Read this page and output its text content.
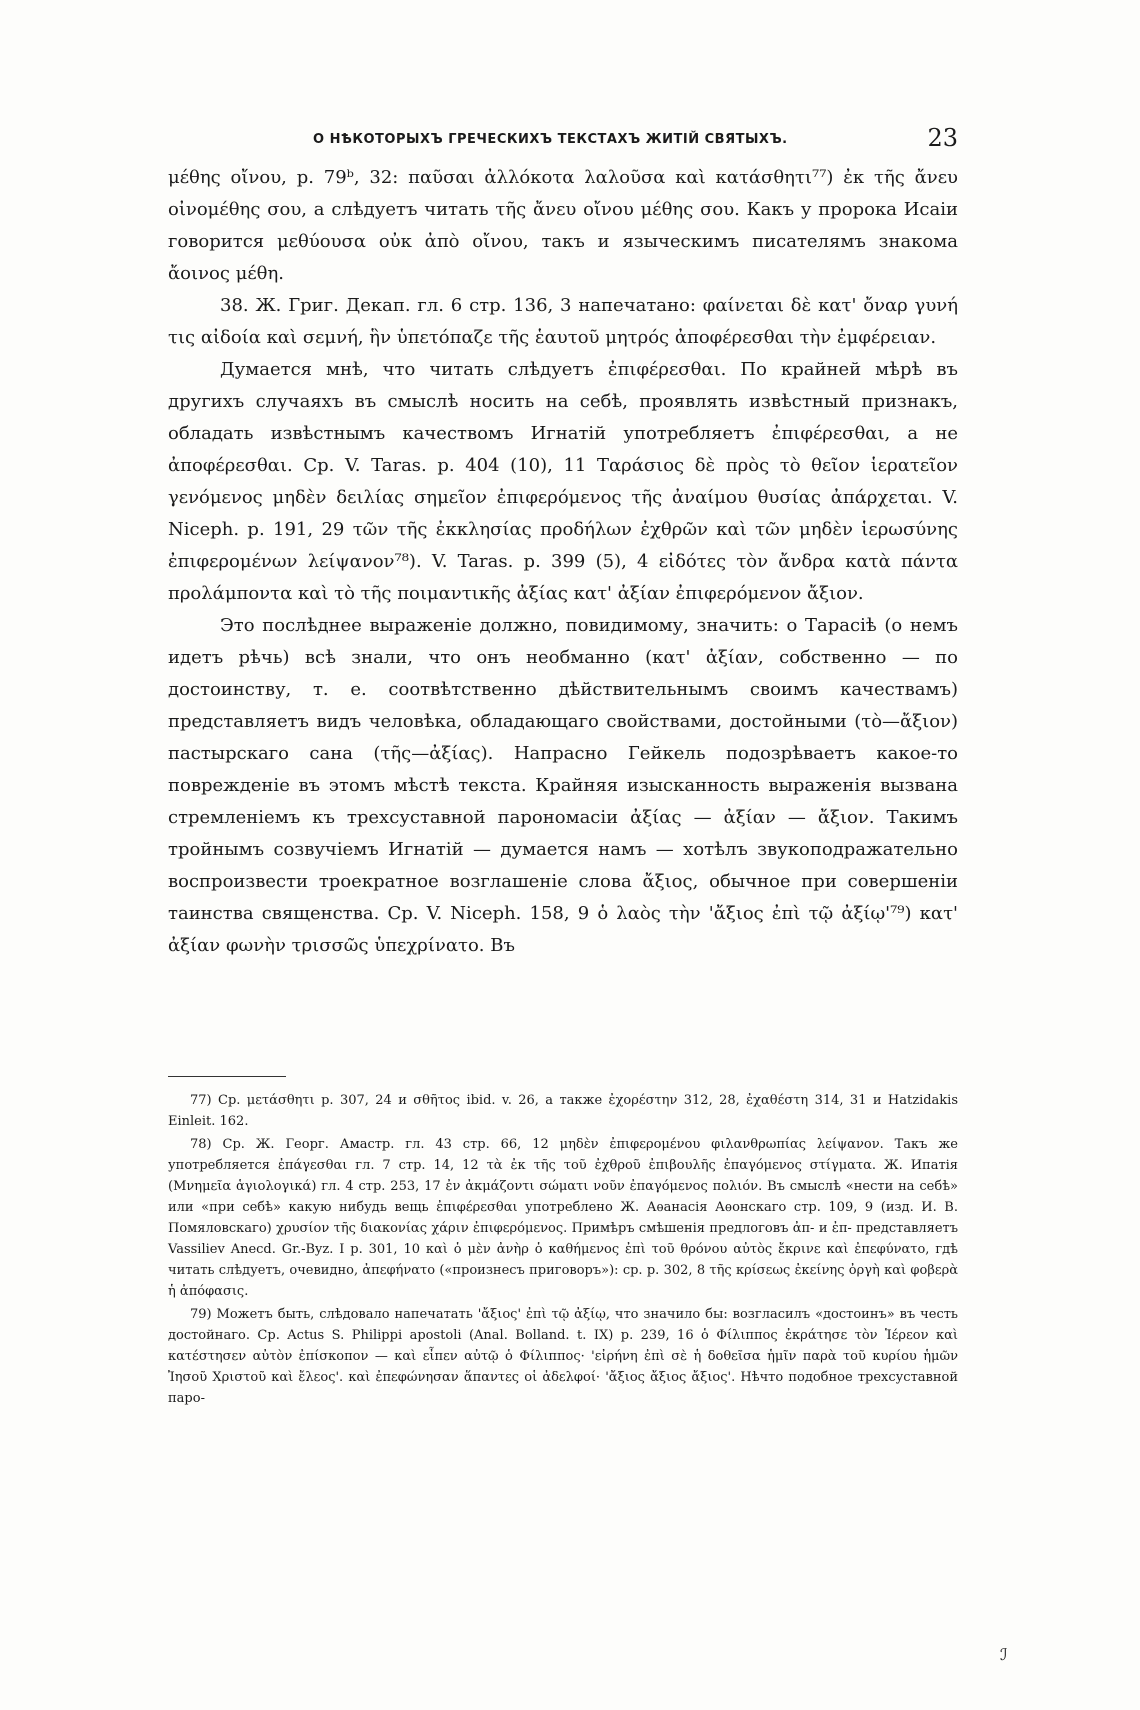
О НѢКОТОРЫХЪ ГРЕЧЕСКИХЪ ТЕКСТАХЪ ЖИТІЙ СВЯТЫХЪ.	23

μέθης οἴνου, p. 79ᵇ, 32: παῦσαι ἀλλόκοτα λαλοῦσα καὶ κατάσθητι⁷⁷) ἐκ τῆς ἄνευ οἰνομέθης σου, а слѣдуетъ читать τῆς ἄνευ οἴνου μέθης σου. Какъ у пророка Исаіи говорится μεθύουσα οὐκ ἀπὸ οἴνου, такъ и языческимъ писателямъ знакома ἄοινος μέθη.

38. Ж. Григ. Декап. гл. 6 стр. 136, 3 напечатано: φαίνεται δὲ κατ' ὄναρ γυνή τις αἰδοία καὶ σεμνή, ἣν ὑπετόπαζε τῆς ἑαυτοῦ μητρός ἀποφέρεσθαι τὴν ἐμφέρειαν.

Думается мнѣ, что читать слѣдуетъ ἐπιφέρεσθαι. По крайней мѣрѣ въ другихъ случаяхъ въ смыслѣ носить на себѣ, проявлять извѣстный признакъ, обладать извѣстнымъ качествомъ Игнатій употребляетъ ἐπιφέρεσθαι, а не ἀποφέρεσθαι. Ср. V. Taras. p. 404 (10), 11 Ταράσιος δὲ πρὸς τὸ θεῖον ἱερατεῖον γενόμενος μηδὲν δειλίας σημεῖον ἐπιφερόμενος τῆς ἀναίμου θυσίας ἀπάρχεται. V. Niceph. p. 191, 29 τῶν τῆς ἐκκλησίας προδήλων ἐχθρῶν καὶ τῶν μηδὲν ἱερωσύνης ἐπιφερομένων λείψανον⁷⁸). V. Taras. p. 399 (5), 4 εἰδότες τὸν ἄνδρα κατὰ πάντα προλάμποντα καὶ τὸ τῆς ποιμαντικῆς ἀξίας κατ' ἀξίαν ἐπιφερόμενον ἄξιον.

Это послѣднее выраженіе должно, повидимому, значить: о Тарасіѣ (о немъ идетъ рѣчь) всѣ знали, что онъ необманно (κατ' ἀξίαν, собственно — по достоинству, т. е. соотвѣтственно дѣйствительнымъ своимъ качествамъ) представляетъ видъ человѣка, обладающаго свойствами, достойными (τὸ—ἄξιον) пастырскаго сана (τῆς—ἀξίας). Напрасно Гейкель подозрѣваетъ какое-то поврежденіе въ этомъ мѣстѣ текста. Крайняя изысканность выраженія вызвана стремленіемъ къ трехсуставной парономасіи ἀξίας — ἀξίαν — ἄξιον. Такимъ тройнымъ созвучіемъ Игнатій — думается намъ — хотѣлъ звукоподражательно воспроизвести троекратное возглашеніе слова ἄξιος, обычное при совершеніи таинства священства. Ср. V. Niceph. 158, 9 ὁ λαὸς τὴν 'ἄξιος ἐπὶ τῷ ἀξίῳ'⁷⁹) κατ' ἀξίαν φωνὴν τρισσῶς ὑπεχρίνατο. Въ

77) Ср. μετάσθητι p. 307, 24 и σθῆτος ibid. v. 26, а также ἐχορέστην 312, 28, ἐχαθέστη 314, 31 и Hatzidakis Einleit. 162.

78) Ср. Ж. Георг. Амастр. гл. 43 стр. 66, 12 μηδὲν ἐπιφερομένου φιλανθρωπίας λείψανον. Такъ же употребляется ἐπάγεσθαι гл. 7 стр. 14, 12 τὰ ἐκ τῆς τοῦ ἐχθροῦ ἐπιβουλῆς ἐπαγόμενος στίγματα. Ж. Ипатія (Μνημεῖα ἁγιολογικά) гл. 4 стр. 253, 17 ἐν ἀκμάζοντι σώματι νοῦν ἐπαγόμενος πολιόν. Въ смыслѣ «нести на себѣ» или «при себѣ» какую нибудь вещь ἐπιφέρεσθαι употреблено Ж. Аѳанасія Аѳонскаго стр. 109, 9 (изд. И. В. Помяловскаго) χρυσίον τῆς διακονίας χάριν ἐπιφερόμενος. Примѣръ смѣшенія предлоговъ ἀπ- и ἐπ- представляетъ Vassiliev Anecd. Gr.-Byz. I p. 301, 10 καὶ ὁ μὲν ἀνὴρ ὁ καθήμενος ἐπὶ τοῦ θρόνου αὐτὸς ἔκρινε καὶ ἐπεφύνατο, гдѣ читать слѣдуетъ, очевидно, ἀπεφήνατο («произнесъ приговоръ»): ср. p. 302, 8 τῆς κρίσεως ἐκείνης ὀργὴ καὶ φοβερὰ ἡ ἀπόφασις.

79) Можетъ быть, слѣдовало напечатать 'ἄξιος' ἐπὶ τῷ ἀξίῳ, что значило бы: возгласилъ «достоинъ» въ честь достойнаго. Ср. Actus S. Philippi apostoli (Anal. Bolland. t. IX) p. 239, 16 ὁ Φίλιππος ἐκράτησε τὸν Ἱέρεον καὶ κατέστησεν αὐτὸν ἐπίσκοπον — καὶ εἶπεν αὐτῷ ὁ Φίλιππος· 'εἰρήνη ἐπὶ σὲ ἡ δοθεῖσα ἡμῖν παρὰ τοῦ κυρίου ἡμῶν Ἰησοῦ Χριστοῦ καὶ ἔλεος'. καὶ ἐπεφώνησαν ἅπαντες οἱ ἀδελφοί· 'ἄξιος ἄξιος ἄξιος'. Нѣчто подобное трехсуставной паро-

ℐ
